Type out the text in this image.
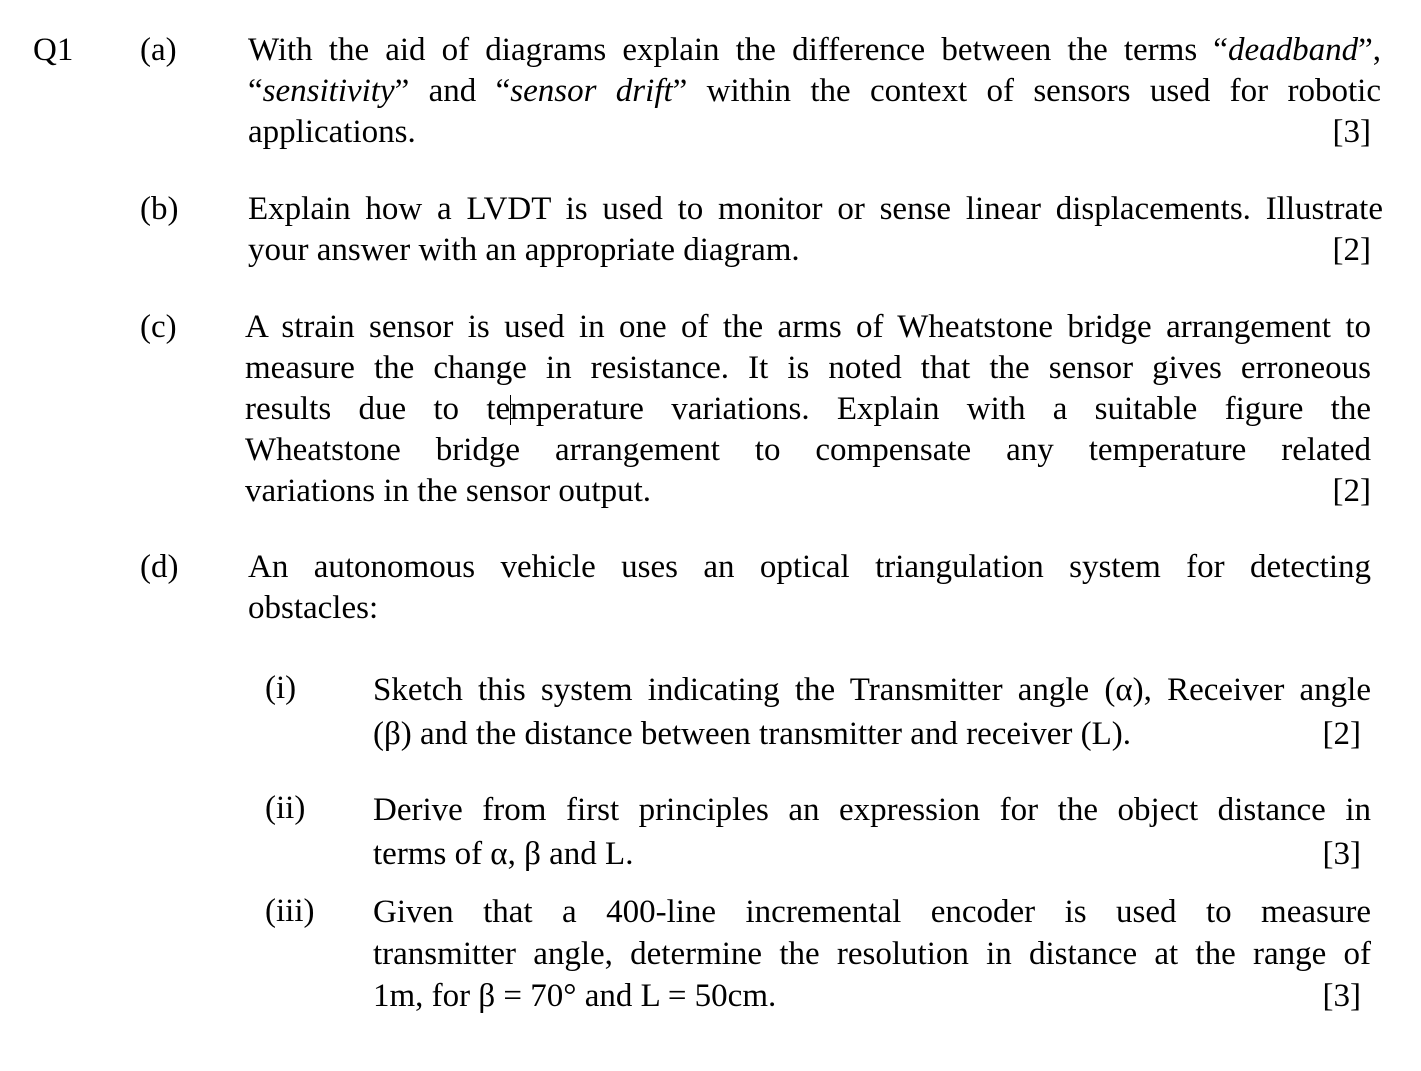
Q1 (a) With the aid of diagrams explain the difference between the terms “deadband”,
“sensitivity” and “sensor drift” within the context of sensors used for robotic
applications.	[3]
(b) Explain how a LVDT is used to monitor or sense linear displacements. Illustrate
your answer with an appropriate diagram.	[2]
(c) A strain sensor is used in one of the arms of Wheatstone bridge arrangement to
measure the change in resistance. It is noted that the sensor gives erroneous
results due to temperature variations. Explain with a suitable figure the
Wheatstone bridge arrangement to compensate any temperature related
variations in the sensor output.	[2]
(d) An autonomous vehicle uses an optical triangulation system for detecting
obstacles:
(i) Sketch this system indicating the Transmitter angle (α), Receiver angle
(β) and the distance between transmitter and receiver (L).	[2]
(ii) Derive from first principles an expression for the object distance in
terms of α, β and L.	[3]
(iii) Given that a 400-line incremental encoder is used to measure
transmitter angle, determine the resolution in distance at the range of
1m, for β = 70° and L = 50cm.	[3]
